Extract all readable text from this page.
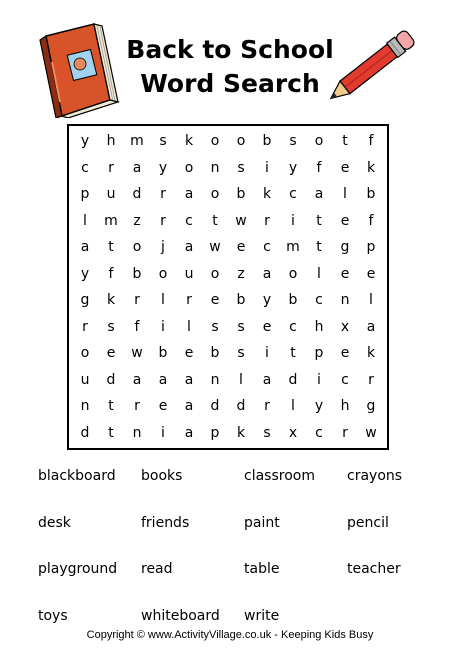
Back to School
Word Search
y	h	m	s	k	o	o	b	s	o	t	f
c	r	a	y	o	n	s	i	y	f	e	k
p	u	d	r	a	o	b	k	c	a	l	b
l	m	z	r	c	t	w	r	i	t	e	f
a	t	o	j	a	w	e	c	m	t	g	p
y	f	b	o	u	o	z	a	o	l	e	e
g	k	r	l	r	e	b	y	b	c	n	l
r	s	f	i	l	s	s	e	c	h	x	a
o	e	w	b	e	b	s	i	t	p	e	k
u	d	a	a	a	n	l	a	d	i	c	r
n	t	r	e	a	d	d	r	l	y	h	g
d	t	n	i	a	p	k	s	x	c	r	w
blackboard	books	classroom	crayons
desk	friends	paint	pencil
playground	read	table	teacher
toys	whiteboard	write
Copyright © www.ActivityVillage.co.uk - Keeping Kids Busy
